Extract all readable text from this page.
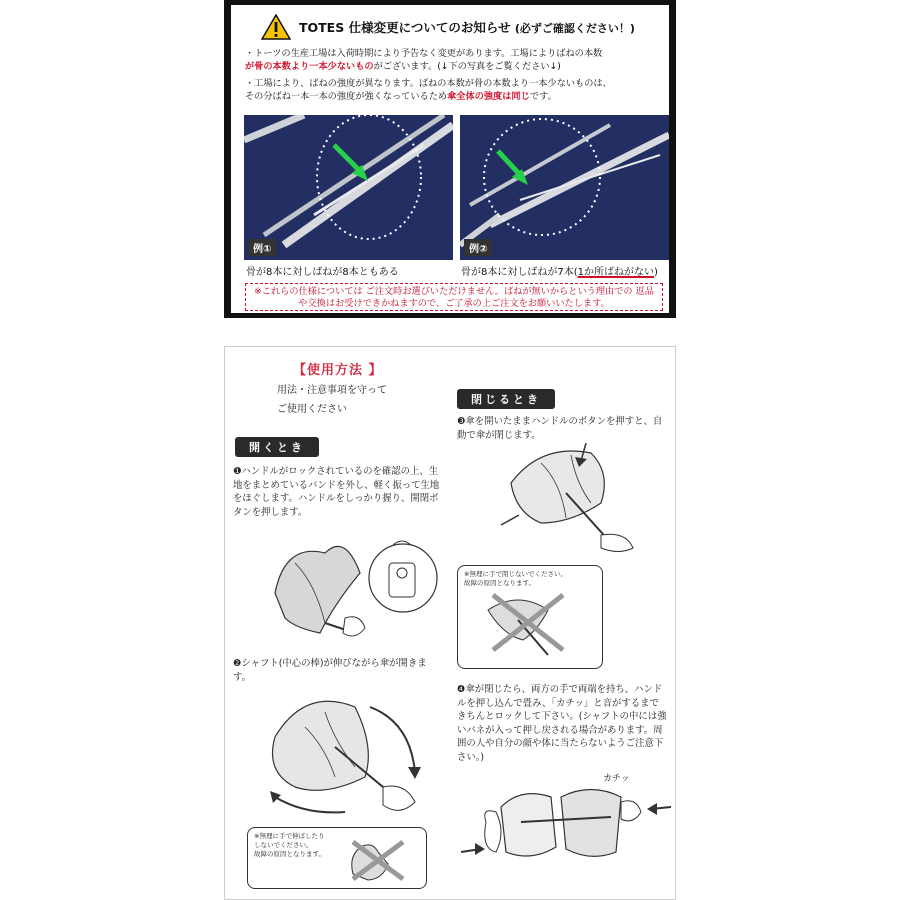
TOTES 仕様変更についてのお知らせ (必ずご確認ください！)
・トーツの生産工場は入荷時期により予告なく変更があります。工場によりばねの本数
が骨の本数より一本少ないものがございます。(↓下の写真をご覧ください↓)
・工場により、ばねの強度が異なります。ばねの本数が骨の本数より一本少ないものは、
その分ばね一本一本の強度が強くなっているため傘全体の強度は同じです。
例①	例②
骨が8本に対しばねが8本ともある	骨が8本に対しばねが7本(1か所ばねがない)
※これらの仕様については ご注文時お選びいただけません。ばねが無いからという理由での 返品や交換はお受けできかねますので、ご了承の上ご注文をお願いいたします。
【使用方法 】
用法・注意事項を守って
ご使用ください
開くとき
閉じるとき
❶ハンドルがロックされているのを確認の上、生地をまとめているバンドを外し、軽く振って生地をほぐします。ハンドルをしっかり握り、開閉ボタンを押します。
❷シャフト(中心の棒)が伸びながら傘が開きます。
❸傘を開いたままハンドルのボタンを押すと、自動で傘が閉じます。
❹傘が閉じたら、両方の手で両端を持ち、ハンドルを押し込んで畳み、「カチッ」と音がするまできちんとロックして下さい。(シャフトの中には強いバネが入って押し戻される場合があります。周囲の人や自分の顔や体に当たらないようご注意下さい。)
※無理に手で伸ばしたり
しないでください。
故障の原因となります。
※無理に手で閉じないでください。
故障の原因となります。
カチッ
